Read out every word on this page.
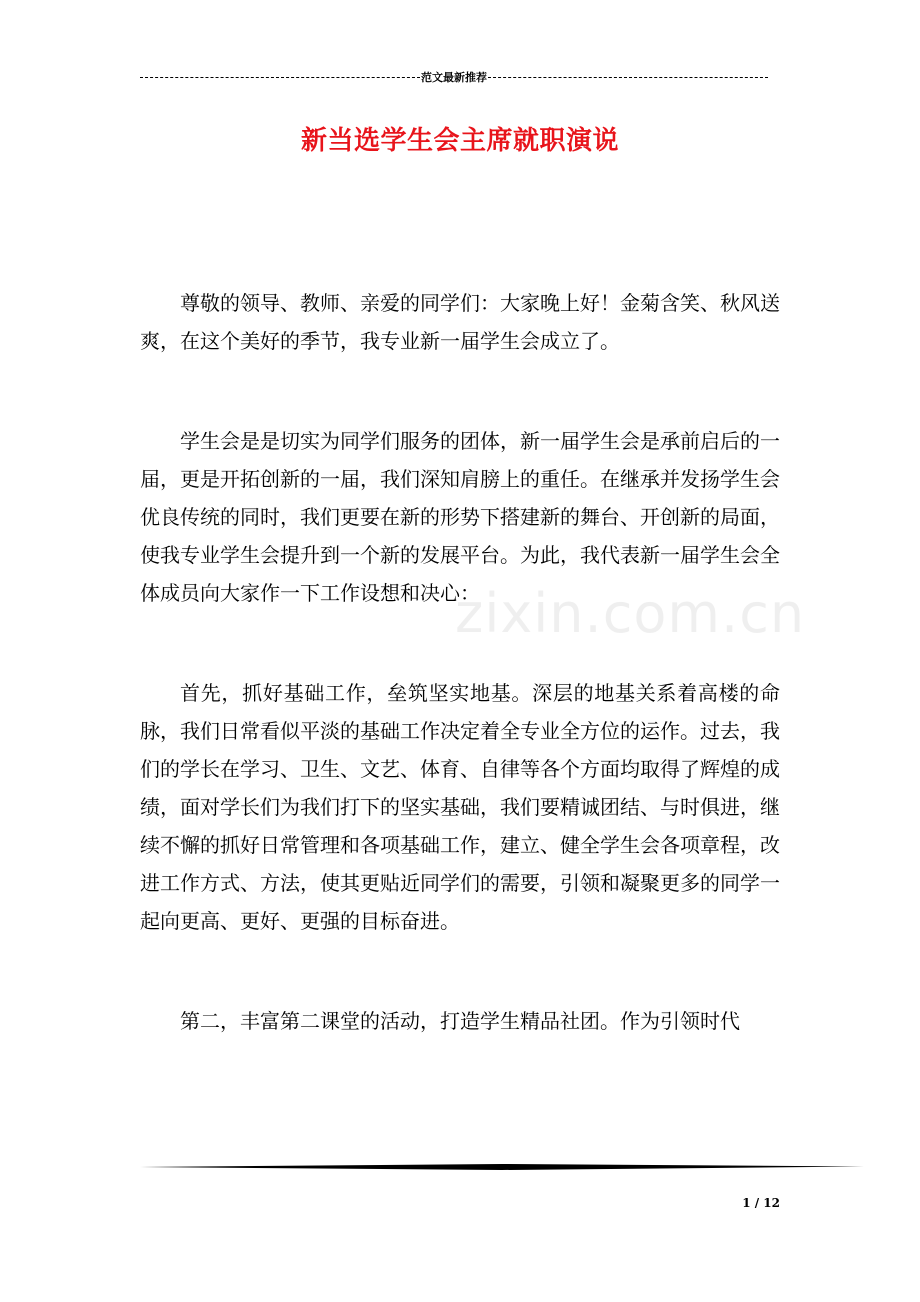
范文最新推荐
新当选学生会主席就职演说

尊敬的领导、教师、亲爱的同学们：大家晚上好！金菊含笑、秋风送爽，在这个美好的季节，我专业新一届学生会成立了。

学生会是是切实为同学们服务的团体，新一届学生会是承前启后的一届，更是开拓创新的一届，我们深知肩膀上的重任。在继承并发扬学生会优良传统的同时，我们更要在新的形势下搭建新的舞台、开创新的局面，使我专业学生会提升到一个新的发展平台。为此，我代表新一届学生会全体成员向大家作一下工作设想和决心：

首先，抓好基础工作，垒筑坚实地基。深层的地基关系着高楼的命脉，我们日常看似平淡的基础工作决定着全专业全方位的运作。过去，我们的学长在学习、卫生、文艺、体育、自律等各个方面均取得了辉煌的成绩，面对学长们为我们打下的坚实基础，我们要精诚团结、与时俱进，继续不懈的抓好日常管理和各项基础工作，建立、健全学生会各项章程，改进工作方式、方法，使其更贴近同学们的需要，引领和凝聚更多的同学一起向更高、更好、更强的目标奋进。

第二，丰富第二课堂的活动，打造学生精品社团。作为引领时代

zixin.com.cn
1 / 12
